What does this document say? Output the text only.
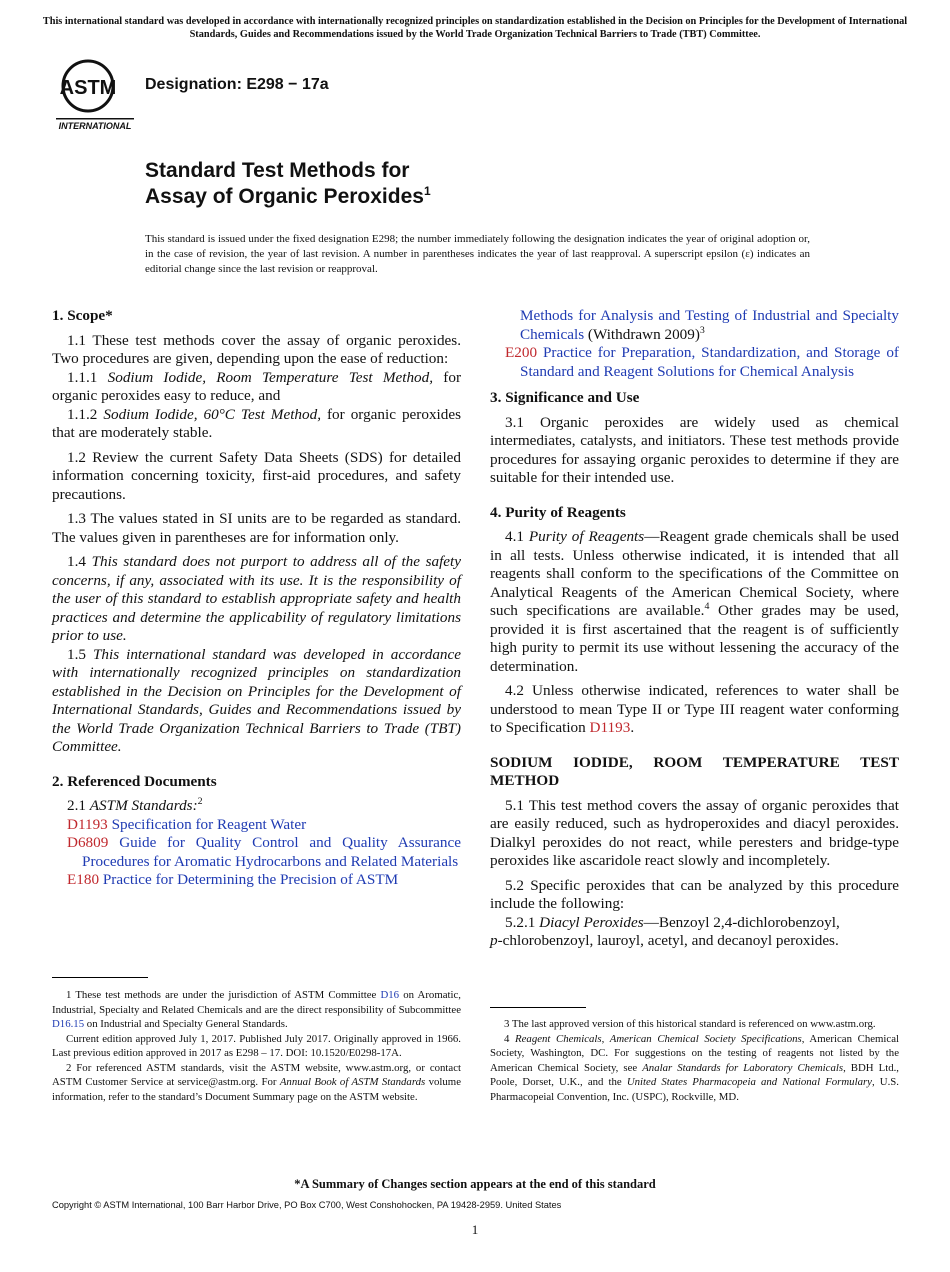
This international standard was developed in accordance with internationally recognized principles on standardization established in the Decision on Principles for the Development of International Standards, Guides and Recommendations issued by the World Trade Organization Technical Barriers to Trade (TBT) Committee.
ASTM
INTERNATIONAL
Designation: E298 − 17a
Standard Test Methods for
Assay of Organic Peroxides$^1$
This standard is issued under the fixed designation E298; the number immediately following the designation indicates the year of original adoption or, in the case of revision, the year of last revision. A number in parentheses indicates the year of last reapproval. A superscript epsilon (ε) indicates an editorial change since the last revision or reapproval.

1. Scope*

1.1 These test methods cover the assay of organic peroxides. Two procedures are given, depending upon the ease of reduction:

1.1.1 Sodium Iodide, Room Temperature Test Method, for organic peroxides easy to reduce, and

1.1.2 Sodium Iodide, 60°C Test Method, for organic peroxides that are moderately stable.

1.2 Review the current Safety Data Sheets (SDS) for detailed information concerning toxicity, first-aid procedures, and safety precautions.

1.3 The values stated in SI units are to be regarded as standard. The values given in parentheses are for information only.

1.4 This standard does not purport to address all of the safety concerns, if any, associated with its use. It is the responsibility of the user of this standard to establish appropriate safety and health practices and determine the applicability of regulatory limitations prior to use.

1.5 This international standard was developed in accordance with internationally recognized principles on standardization established in the Decision on Principles for the Development of International Standards, Guides and Recommendations issued by the World Trade Organization Technical Barriers to Trade (TBT) Committee.

2. Referenced Documents

2.1 ASTM Standards:$^2$

D1193 Specification for Reagent Water

D6809 Guide for Quality Control and Quality Assurance Procedures for Aromatic Hydrocarbons and Related Materials

E180 Practice for Determining the Precision of ASTM

Methods for Analysis and Testing of Industrial and Specialty Chemicals (Withdrawn 2009)$^3$

E200 Practice for Preparation, Standardization, and Storage of Standard and Reagent Solutions for Chemical Analysis

3. Significance and Use

3.1 Organic peroxides are widely used as chemical intermediates, catalysts, and initiators. These test methods provide procedures for assaying organic peroxides to determine if they are suitable for their intended use.

4. Purity of Reagents

4.1 Purity of Reagents—Reagent grade chemicals shall be used in all tests. Unless otherwise indicated, it is intended that all reagents shall conform to the specifications of the Committee on Analytical Reagents of the American Chemical Society, where such specifications are available.$^4$ Other grades may be used, provided it is first ascertained that the reagent is of sufficiently high purity to permit its use without lessening the accuracy of the determination.

4.2 Unless otherwise indicated, references to water shall be understood to mean Type II or Type III reagent water conforming to Specification D1193.

SODIUM IODIDE, ROOM TEMPERATURE TEST METHOD

5.1 This test method covers the assay of organic peroxides that are easily reduced, such as hydroperoxides and diacyl peroxides. Dialkyl peroxides do not react, while peresters and bridge-type peroxides like ascaridole react slowly and incompletely.

5.2 Specific peroxides that can be analyzed by this procedure include the following:

5.2.1 Diacyl Peroxides—Benzoyl 2,4-dichlorobenzoyl,
p-chlorobenzoyl, lauroyl, acetyl, and decanoyl peroxides.

1 These test methods are under the jurisdiction of ASTM Committee D16 on Aromatic, Industrial, Specialty and Related Chemicals and are the direct responsibility of Subcommittee D16.15 on Industrial and Specialty General Standards.

Current edition approved July 1, 2017. Published July 2017. Originally approved in 1966. Last previous edition approved in 2017 as E298 – 17. DOI: 10.1520/E0298-17A.

2 For referenced ASTM standards, visit the ASTM website, www.astm.org, or contact ASTM Customer Service at service@astm.org. For Annual Book of ASTM Standards volume information, refer to the standard’s Document Summary page on the ASTM website.

3 The last approved version of this historical standard is referenced on www.astm.org.

4 Reagent Chemicals, American Chemical Society Specifications, American Chemical Society, Washington, DC. For suggestions on the testing of reagents not listed by the American Chemical Society, see Analar Standards for Laboratory Chemicals, BDH Ltd., Poole, Dorset, U.K., and the United States Pharmacopeia and National Formulary, U.S. Pharmacopeial Convention, Inc. (USPC), Rockville, MD.

*A Summary of Changes section appears at the end of this standard
Copyright © ASTM International, 100 Barr Harbor Drive, PO Box C700, West Conshohocken, PA 19428-2959. United States
1
